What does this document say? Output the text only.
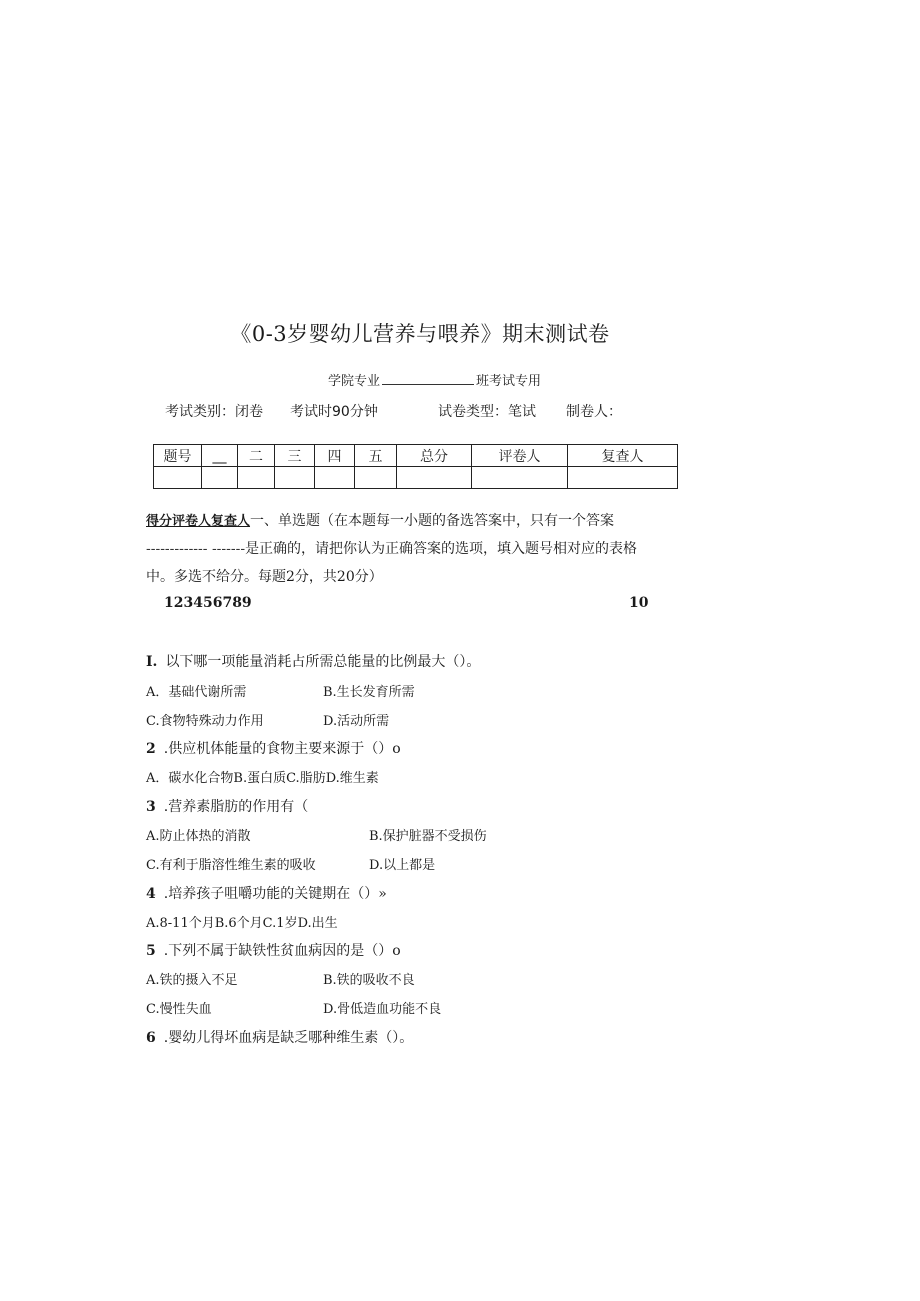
《0-3岁婴幼儿营养与喂养》期末测试卷
学院专业	班考试专用
考试类别：闭卷 考试时90分钟	试卷类型：笔试 制卷人：
题号	__	二	三	四	五	总分	评卷人	复查人

得分评卷人复查人一、单选题（在本题每一小题的备选答案中，只有一个答案
------------- -------是正确的，请把你认为正确答案的选项，填入题号相对应的表格
中。多选不给分。每题2分，共20分）
123456789	10
I. 以下哪一项能量消耗占所需总能量的比例最大（）。
A．基础代谢所需	B.生长发育所需
C.食物特殊动力作用	D.活动所需
2 .供应机体能量的食物主要来源于（）o
A．碳水化合物B.蛋白质C.脂肪D.维生素
3 .营养素脂肪的作用有（
A.防止体热的消散	B.保护脏器不受损伤
C.有利于脂溶性维生素的吸收	D.以上都是
4 .培养孩子咀嚼功能的关键期在（）»
A.8-11个月B.6个月C.1岁D.出生
5 .下列不属于缺铁性贫血病因的是（）o
A.铁的摄入不足	B.铁的吸收不良
C.慢性失血	D.骨低造血功能不良
6 .婴幼儿得坏血病是缺乏哪种维生素（）。
